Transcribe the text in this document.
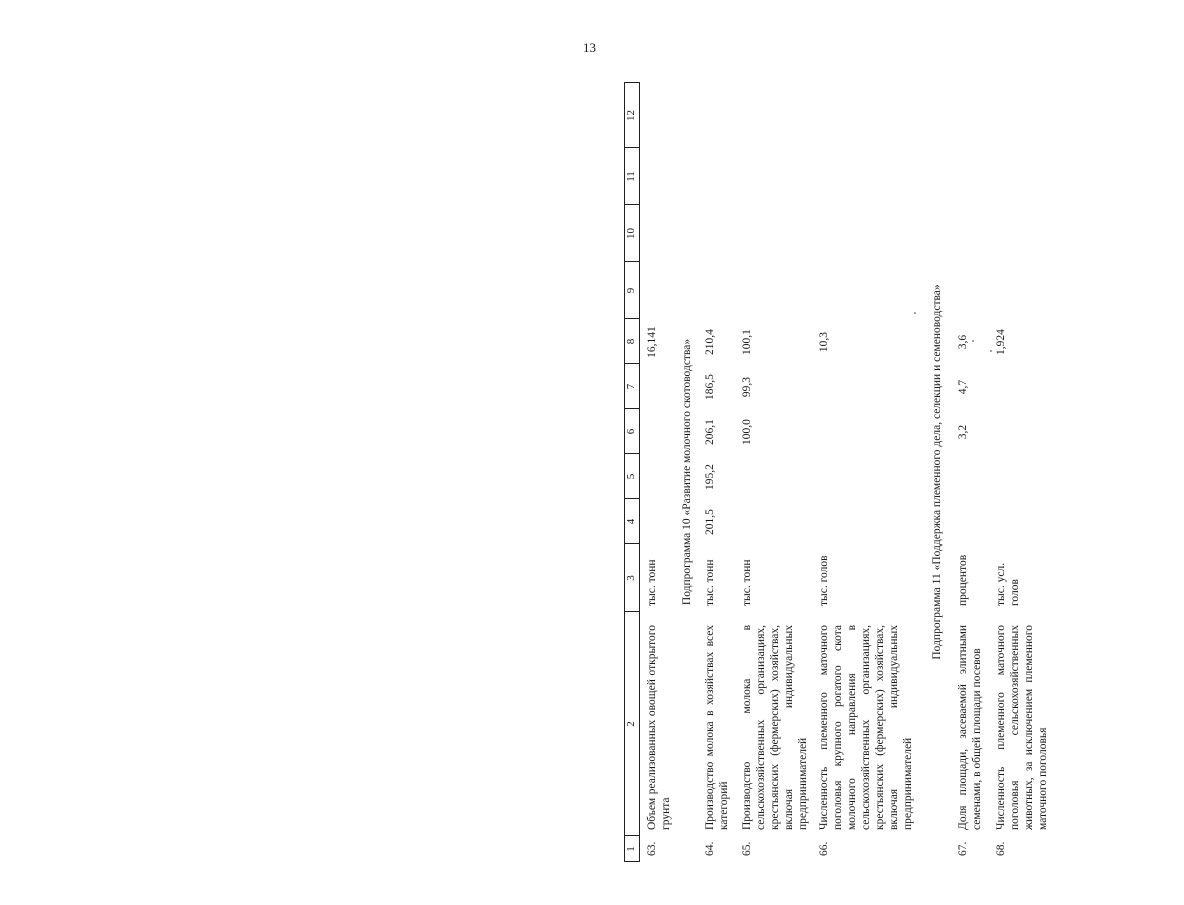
13
1
2
3
4
5
6
7
8
9
10
11
12
63.
Объем реализованных овощей открытого грунта
тыс. тонн
16,141 Подпрограмма 10 «Развитие молочного скотоводства»
64.
Производство молока в хозяйствах всех категорий
тыс. тонн
201,5
195,2
206,1
186,5
210,4
65.
Производство молока в сельскохозяйственных организациях, крестьянских (фермерских) хозяйствах, включая индивидуальных предпринимателей
тыс. тонн
100,0
99,3
100,1
66.
Численность племенного маточного поголовья крупного рогатого скота молочного направления в сельскохозяйственных организациях, крестьянских (фермерских) хозяйствах, включая индивидуальных предпринимателей
тыс. голов
10,3	Подпрограмма 11 «Поддержка племенного дела, селекции и семеноводства»
67.
Доля площади, засеваемой элитными семенами, в общей площади посевов
процентов
3,2
4,7
3,6
68.
Численность племенного маточного поголовья сельскохозяйственных животных, за исключением племенного маточного поголовья
тыс. усл. голов
1,924
